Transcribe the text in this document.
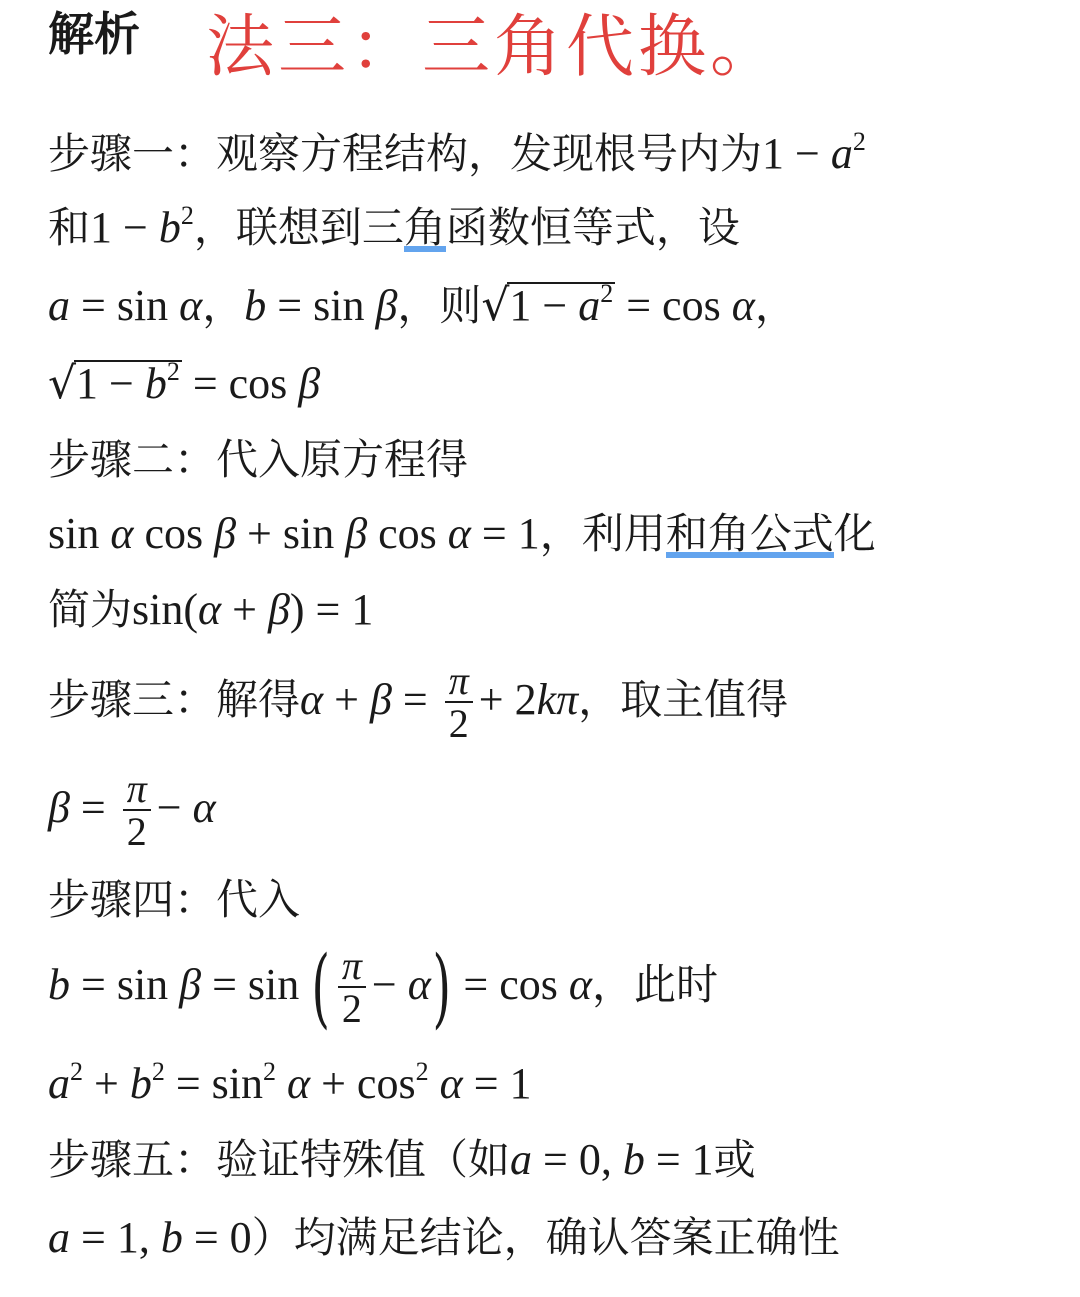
解析 法三：三角代换。
步骤一：观察方程结构，发现根号内为$1 - a^2$
和$1 - b^2$，联想到三角函数恒等式，设
a = sin α，b = sin β，则 √ $1 - a^2 = \cos \alpha$，
√ $1 - b^2 = \cos \beta$
步骤二：代入原方程得
sin α cos β + sin β cos α = 1，利用和角公式化
简为sin(α + β) = 1
步骤三：解得$\alpha + \beta = \frac{\pi}{2} + 2k\pi$，取主值得
$\beta = \frac{\pi}{2} - \alpha$
步骤四：代入
b = sin β = sin ( $\frac{\pi}{2} - \alpha) = \cos \alpha$，此时
$a^2 + b^2 = \sin^2 \alpha + \cos^2 \alpha = 1$
步骤五：验证特殊值（如a = 0, b = 1或
a = 1, b = 0）均满足结论，确认答案正确性
